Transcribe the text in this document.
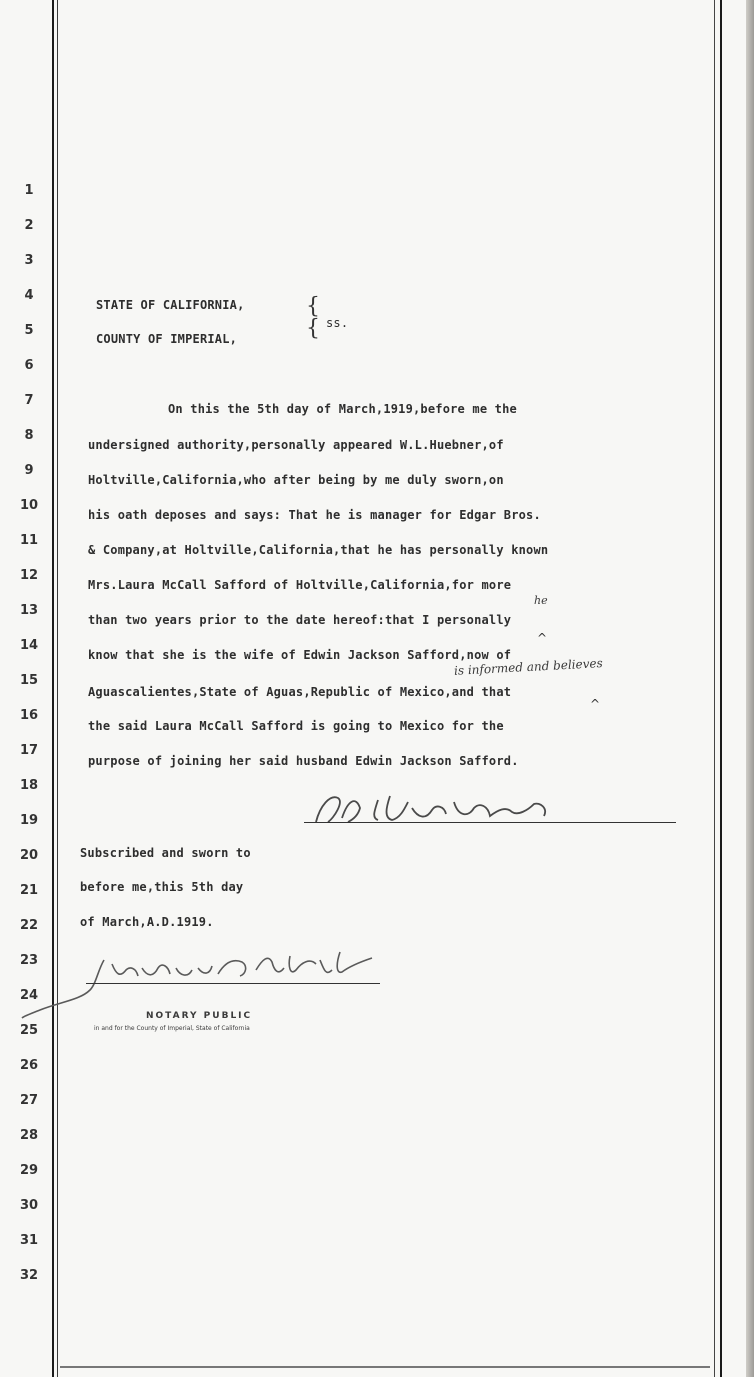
1
2
3
4
5
6
7
8
9
10
11
12
13
14
15
16
17
18
19
20
21
22
23
24
25
26
27
28
29
30
31
32
STATE OF CALIFORNIA,
COUNTY OF IMPERIAL,
{
{ ss.
On this the 5th day of March,1919,before me the
undersigned authority,personally appeared W.L.Huebner,of
Holtville,California,who after being by me duly sworn,on
his oath deposes and says: That he is manager for Edgar Bros.
& Company,at Holtville,California,that he has personally known
Mrs.Laura McCall Safford of Holtville,California,for more
than two years prior to the date hereof:that I personally
know that she is the wife of Edwin Jackson Safford,now of
Aguascalientes,State of Aguas,Republic of Mexico,and that
the said Laura McCall Safford is going to Mexico for the
purpose of joining her said husband Edwin Jackson Safford.
he
^
is informed and believes
^
Subscribed and sworn to
before me,this 5th day
of March,A.D.1919.
NOTARY PUBLIC
in and for the County of Imperial, State of California
